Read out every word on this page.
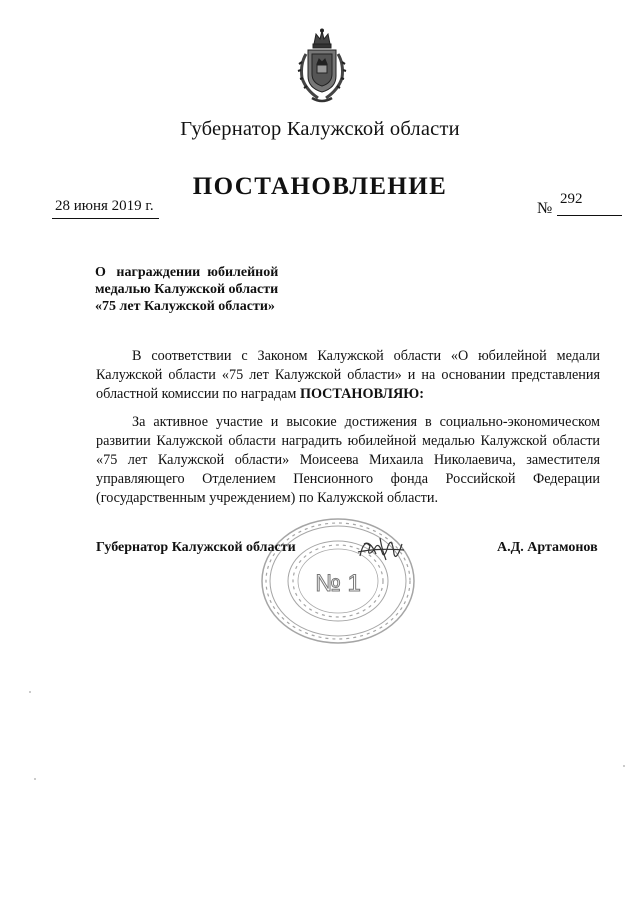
Губернатор Калужской области
ПОСТАНОВЛЕНИЕ
28 июня 2019 г.	№
292
О   награждении  юбилейной
медалью Калужской области
«75 лет Калужской области»
В соответствии с Законом Калужской области «О юбилейной медали
Калужской области «75 лет Калужской области» и на основании представления
областной комиссии по наградам ПОСТАНОВЛЯЮ:
За активное участие и высокие достижения в социально-экономическом
развитии Калужской области наградить юбилейной медалью Калужской области
«75 лет Калужской области» Моисеева Михаила Николаевича, заместителя
управляющего Отделением Пенсионного фонда Российской Федерации
(государственным учреждением) по Калужской области.
№ 1
Губернатор Калужской области	А.Д. Артамонов
